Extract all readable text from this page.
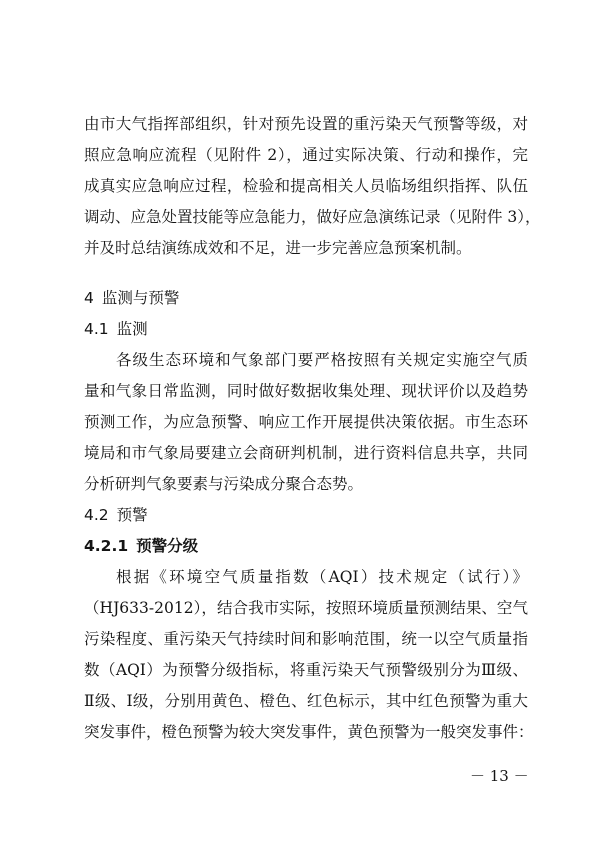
由市大气指挥部组织，针对预先设置的重污染天气预警等级，对
照应急响应流程（见附件 2），通过实际决策、行动和操作，完
成真实应急响应过程，检验和提高相关人员临场组织指挥、队伍
调动、应急处置技能等应急能力，做好应急演练记录（见附件 3），
并及时总结演练成效和不足，进一步完善应急预案机制。
4 监测与预警
4.1 监测
各级生态环境和气象部门要严格按照有关规定实施空气质
量和气象日常监测，同时做好数据收集处理、现状评价以及趋势
预测工作，为应急预警、响应工作开展提供决策依据。市生态环
境局和市气象局要建立会商研判机制，进行资料信息共享，共同
分析研判气象要素与污染成分聚合态势。
4.2 预警
4.2.1 预警分级
根据《环境空气质量指数（AQI）技术规定（试行）》
（HJ633-2012），结合我市实际，按照环境质量预测结果、空气
污染程度、重污染天气持续时间和影响范围，统一以空气质量指
数（AQI）为预警分级指标，将重污染天气预警级别分为Ⅲ级、
Ⅱ级、Ⅰ级，分别用黄色、橙色、红色标示，其中红色预警为重大
突发事件，橙色预警为较大突发事件，黄色预警为一般突发事件：
－ 13 －
